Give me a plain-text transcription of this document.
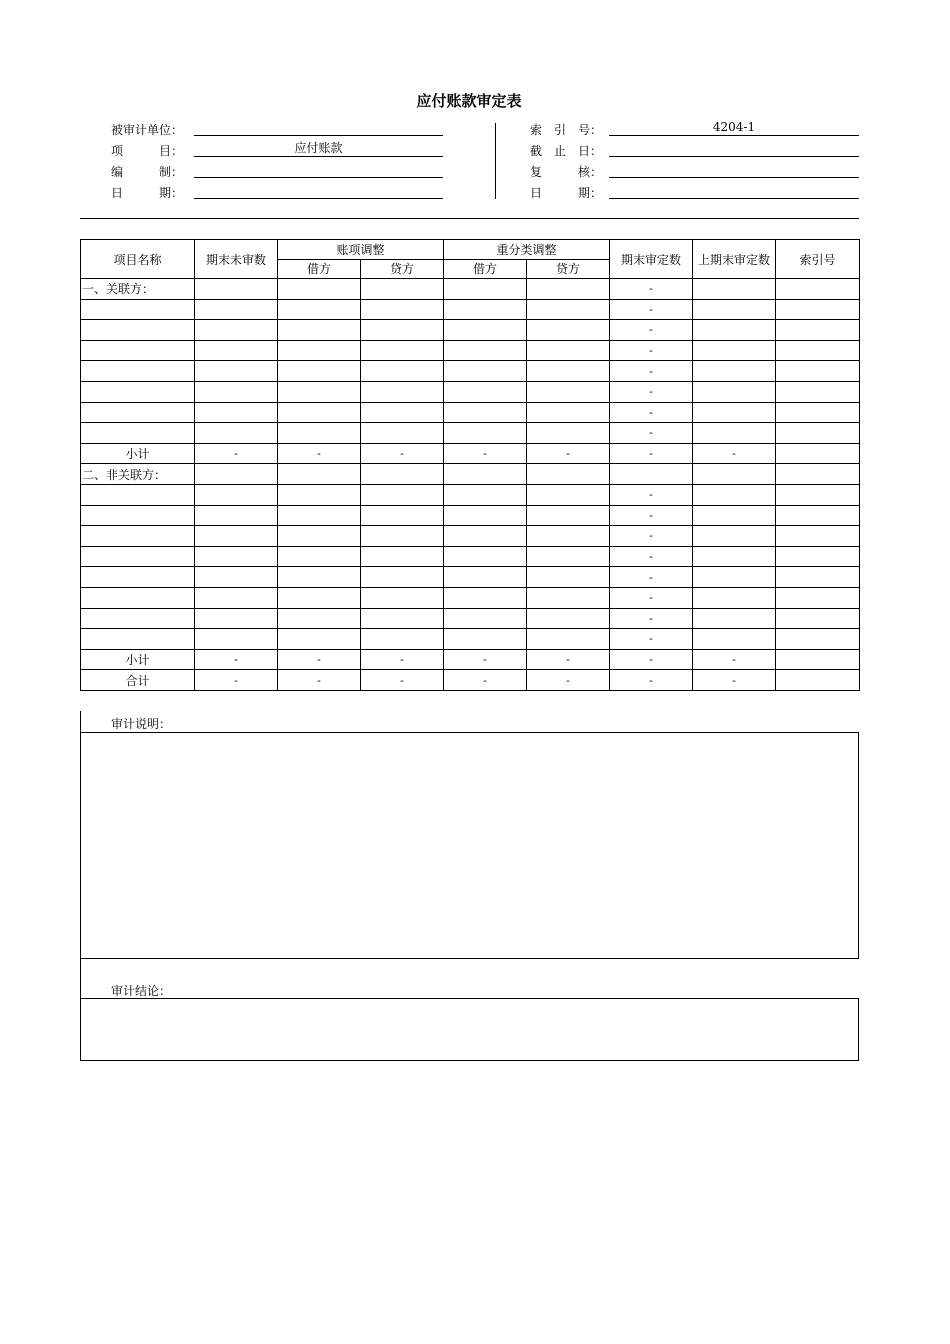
应付账款审定表
被审计单位：
项　　　目：	应付账款
编　　　制：
日　　　期：
索　引　号：	4204-1
截　止　日：
复　　　核：
日　　　期：
项目名称	期末未审数	账项调整		重分类调整		期末审定数	上期末审定数	索引号
		借方	贷方	借方	贷方			
一、关联方：						-		
						-		
						-		
						-		
						-		
						-		
						-		
						-		
小计	-	-	-	-	-	-	-	
二、非关联方：								
						-		
						-		
						-		
						-		
						-		
						-		
						-		
						-		
小计	-	-	-	-	-	-	-	
合计	-	-	-	-	-	-	-	
审计说明：
审计结论：
